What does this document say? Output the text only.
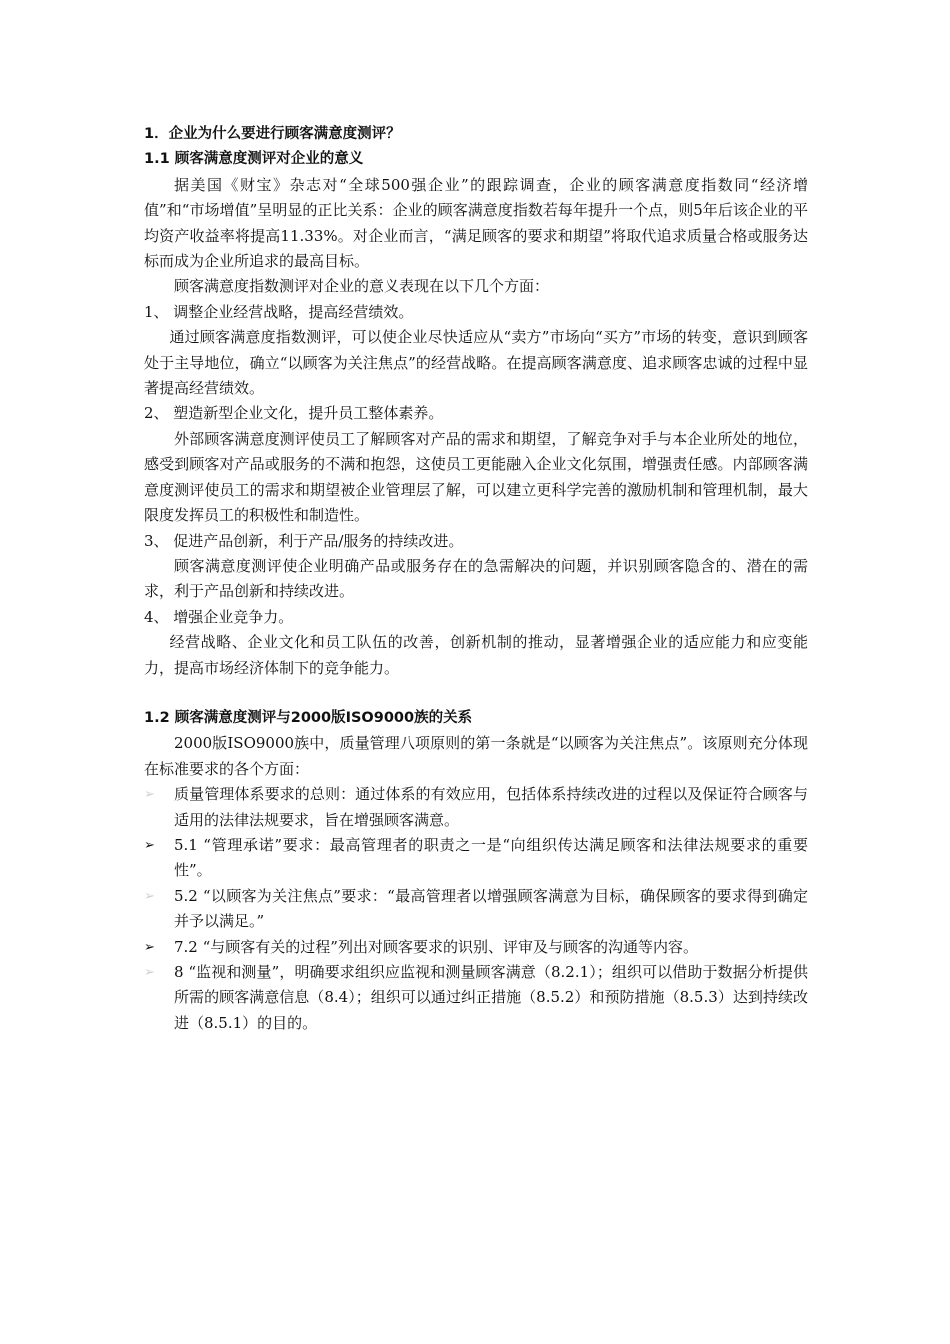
1．企业为什么要进行顾客满意度测评？

1.1 顾客满意度测评对企业的意义

据美国《财宝》杂志对“全球500强企业”的跟踪调查，企业的顾客满意度指数同“经济增值”和“市场增值”呈明显的正比关系：企业的顾客满意度指数若每年提升一个点，则5年后该企业的平均资产收益率将提高11.33%。对企业而言，“满足顾客的要求和期望”将取代追求质量合格或服务达标而成为企业所追求的最高目标。

顾客满意度指数测评对企业的意义表现在以下几个方面：

1、 调整企业经营战略，提高经营绩效。

通过顾客满意度指数测评，可以使企业尽快适应从“卖方”市场向“买方”市场的转变，意识到顾客处于主导地位，确立“以顾客为关注焦点”的经营战略。在提高顾客满意度、追求顾客忠诚的过程中显著提高经营绩效。

2、 塑造新型企业文化，提升员工整体素养。

外部顾客满意度测评使员工了解顾客对产品的需求和期望，了解竞争对手与本企业所处的地位，感受到顾客对产品或服务的不满和抱怨，这使员工更能融入企业文化氛围，增强责任感。内部顾客满意度测评使员工的需求和期望被企业管理层了解，可以建立更科学完善的激励机制和管理机制，最大限度发挥员工的积极性和制造性。

3、 促进产品创新，利于产品/服务的持续改进。

顾客满意度测评使企业明确产品或服务存在的急需解决的问题，并识别顾客隐含的、潜在的需求，利于产品创新和持续改进。

4、 增强企业竞争力。

经营战略、企业文化和员工队伍的改善，创新机制的推动，显著增强企业的适应能力和应变能力，提高市场经济体制下的竞争能力。

1.2 顾客满意度测评与2000版ISO9000族的关系

2000版ISO9000族中，质量管理八项原则的第一条就是“以顾客为关注焦点”。该原则充分体现在标准要求的各个方面：

➢	质量管理体系要求的总则：通过体系的有效应用，包括体系持续改进的过程以及保证符合顾客与适用的法律法规要求，旨在增强顾客满意。
➢	5.1 “管理承诺”要求：最高管理者的职责之一是“向组织传达满足顾客和法律法规要求的重要性”。
➢	5.2 “以顾客为关注焦点”要求：“最高管理者以增强顾客满意为目标，确保顾客的要求得到确定并予以满足。”
➢	7.2 “与顾客有关的过程”列出对顾客要求的识别、评审及与顾客的沟通等内容。
➢	8 “监视和测量”，明确要求组织应监视和测量顾客满意（8.2.1）；组织可以借助于数据分析提供所需的顾客满意信息（8.4）；组织可以通过纠正措施（8.5.2）和预防措施（8.5.3）达到持续改进（8.5.1）的目的。
